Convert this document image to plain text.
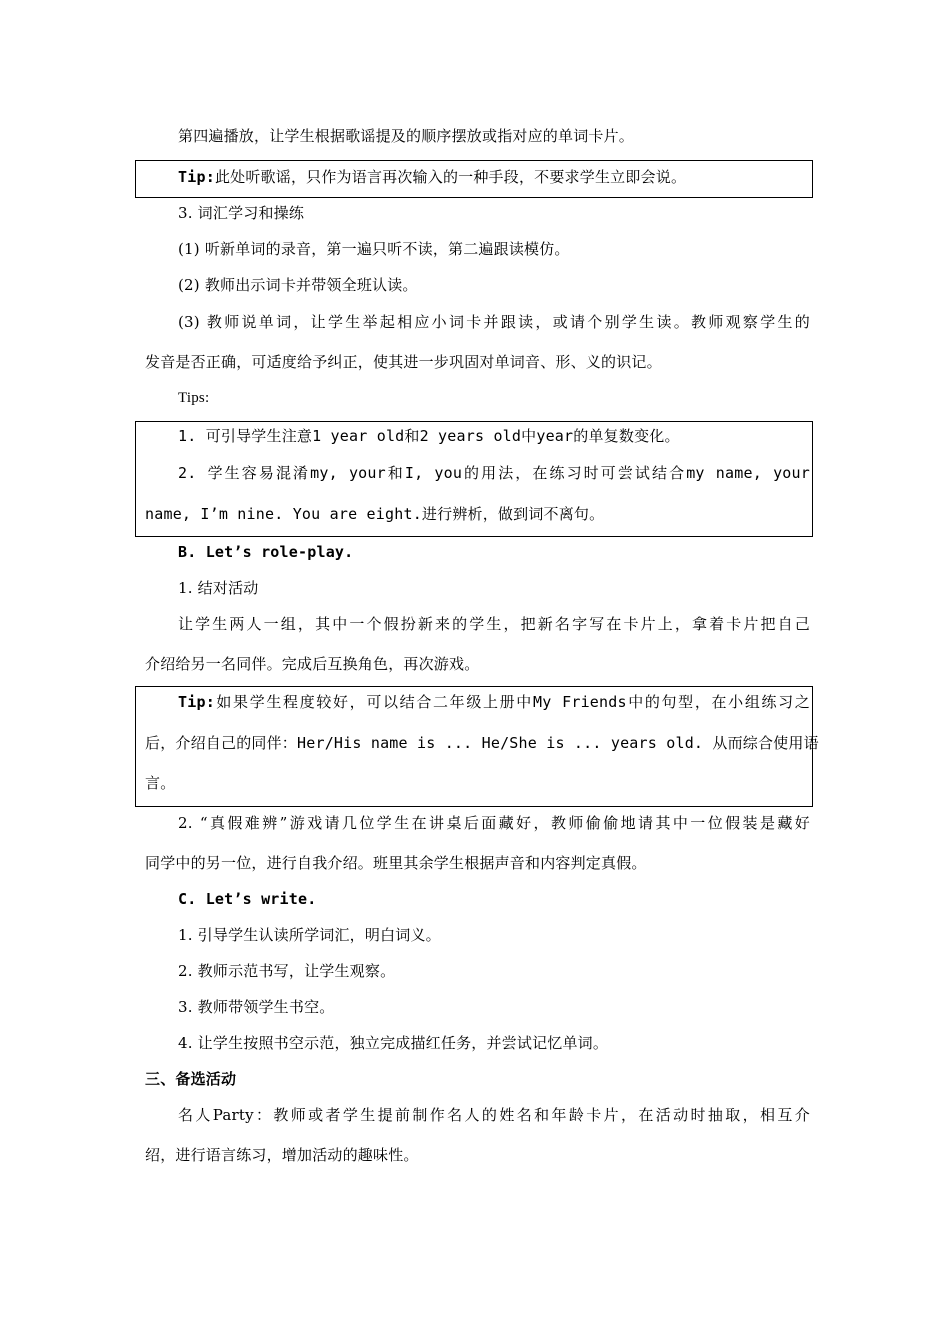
第四遍播放，让学生根据歌谣提及的顺序摆放或指对应的单词卡片。
Tip:此处听歌谣，只作为语言再次输入的一种手段，不要求学生立即会说。
3. 词汇学习和操练
(1) 听新单词的录音，第一遍只听不读，第二遍跟读模仿。
(2) 教师出示词卡并带领全班认读。
(3) 教师说单词，让学生举起相应小词卡并跟读，或请个别学生读。教师观察学生的
发音是否正确，可适度给予纠正，使其进一步巩固对单词音、形、义的识记。
Tips:
1. 可引导学生注意1 year old和2 years old中year的单复数变化。
2. 学生容易混淆my, your和I, you的用法，在练习时可尝试结合my name, your
name, I’m nine. You are eight.进行辨析，做到词不离句。
B. Let’s role-play.
1. 结对活动
让学生两人一组，其中一个假扮新来的学生，把新名字写在卡片上，拿着卡片把自己
介绍给另一名同伴。完成后互换角色，再次游戏。
Tip:如果学生程度较好，可以结合二年级上册中My Friends中的句型，在小组练习之
后，介绍自己的同伴：Her/His name is ... He/She is ... years old. 从而综合使用语
言。
2. “真假难辨”游戏请几位学生在讲桌后面藏好，教师偷偷地请其中一位假装是藏好
同学中的另一位，进行自我介绍。班里其余学生根据声音和内容判定真假。
C. Let’s write.
1. 引导学生认读所学词汇，明白词义。
2. 教师示范书写，让学生观察。
3. 教师带领学生书空。
4. 让学生按照书空示范，独立完成描红任务，并尝试记忆单词。
三、备选活动
名人Party：教师或者学生提前制作名人的姓名和年龄卡片，在活动时抽取，相互介
绍，进行语言练习，增加活动的趣味性。
